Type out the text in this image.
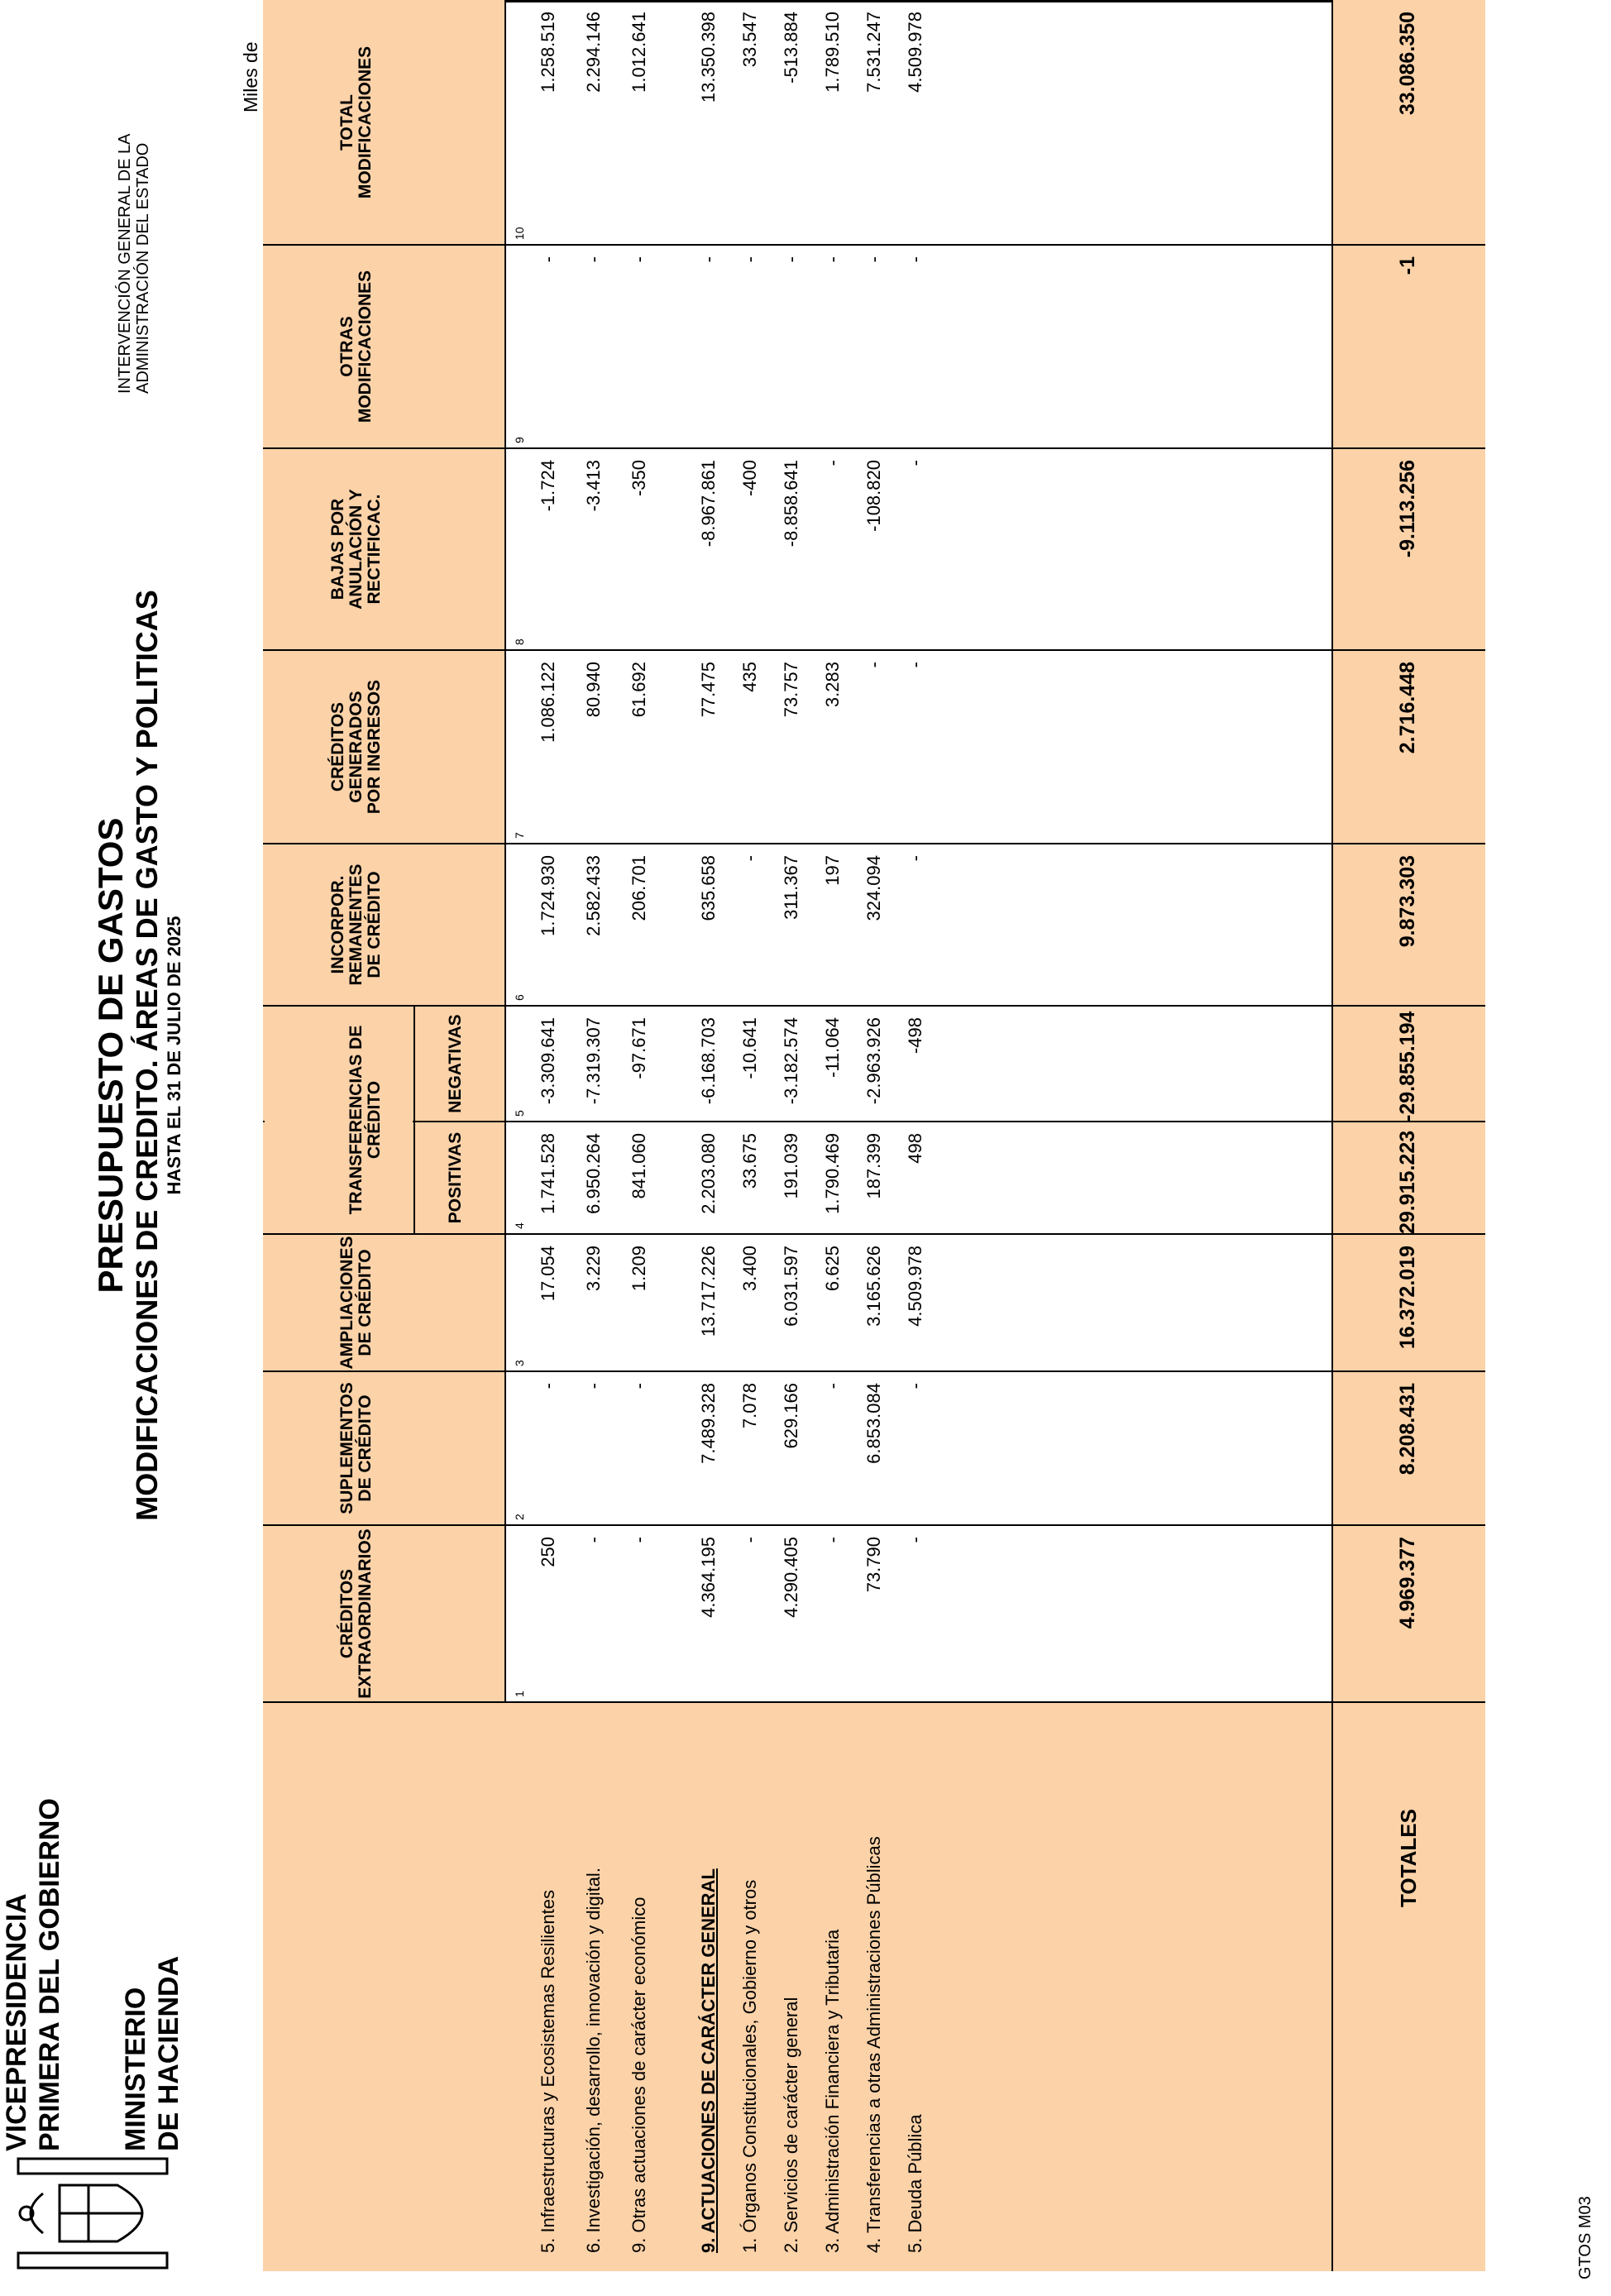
VICEPRESIDENCIA PRIMERA DEL GOBIERNO MINISTERIO DE HACIENDA
PRESUPUESTO DE GASTOS MODIFICACIONES DE CREDITO. ÁREAS DE GASTO Y POLITICAS HASTA EL 31 DE JULIO DE 2025
INTERVENCIÓN GENERAL DE LA ADMINISTRACIÓN DEL ESTADO
Miles de
TRANSFERENCIAS DE CRÉDITO
CRÉDITOS EXTRAORDINARIOS	1
SUPLEMENTOS DE CRÉDITO
2
AMPLIACIONES DE CRÉDITO
3
POSITIVAS
4
NEGATIVAS
5
INCORPOR. REMANENTES DE CRÉDITO
6
CRÉDITOS GENERADOS POR INGRESOS
7
BAJAS POR ANULACIÓN Y RECTIFICAC.
8
OTRAS MODIFICACIONES
9
TOTAL MODIFICACIONES
10
5. Infraestructuras y Ecosistemas Resilientes
250
-
17.054
1.741.528
-3.309.641
1.724.930
1.086.122
-1.724
-
1.258.519
6. Investigación, desarrollo, innovación y digital.
-
-
3.229
6.950.264
-7.319.307
2.582.433
80.940
-3.413
-
2.294.146
9. Otras actuaciones de carácter económico
-
-
1.209
841.060
-97.671
206.701
61.692
-350
-
1.012.641
9. ACTUACIONES DE CARÁCTER GENERAL
4.364.195
7.489.328
13.717.226
2.203.080
-6.168.703
635.658
77.475
-8.967.861
-
13.350.398
1. Órganos Constitucionales, Gobierno y otros
-
7.078
3.400
33.675
-10.641
-
435
-400
-
33.547
2. Servicios de carácter general
4.290.405
629.166
6.031.597
191.039
-3.182.574
311.367
73.757
-8.858.641
-
-513.884
3. Administración Financiera y Tributaria
-
-
6.625
1.790.469
-11.064
197
3.283
-
-
1.789.510
4. Transferencias a otras Administraciones Públicas
73.790
6.853.084
3.165.626
187.399
-2.963.926
324.094
-
-108.820
-
7.531.247
5. Deuda Pública
-
-
4.509.978
498
-498
-
-
-
-
4.509.978
TOTALES
4.969.377
8.208.431
16.372.019
29.915.223
-29.855.194
9.873.303
2.716.448
-9.113.256
-1
33.086.350
GTOS M03
